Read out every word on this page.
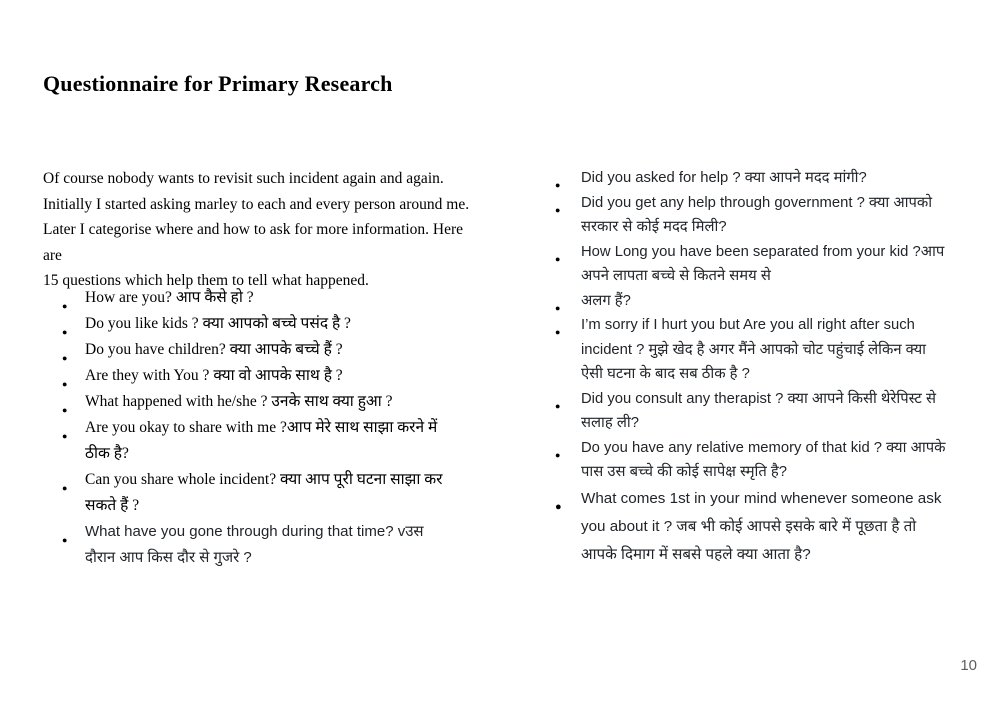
Questionnaire for Primary Research
Of course nobody wants to revisit such incident again and again.
Initially I started asking marley to each and every person around me.
Later I categorise where and how to ask for more information. Here are
15 questions which help them to tell what happened.
● How are you? आप कैसे हो ?
● Do you like kids ? क्या आपको बच्चे पसंद है ?
● Do you have children? क्या आपके बच्चे हैं ?
● Are they with You ? क्या वो आपके साथ है ?
● What happened with he/she ? उनके साथ क्या हुआ ?
● Are you okay to share with me ?आप मेरे साथ साझा करने में ठीक है?
● Can you share whole incident? क्या आप पूरी घटना साझा कर सकते हैं ?
● What have you gone through during that time? vउस दौरान आप किस दौर से गुजरे ?
● Did you asked for help ? क्या आपने मदद मांगी?
● Did you get any help through government ? क्या आपको सरकार से कोई मदद मिली?
● How Long you have been separated from your kid ?आप अपने लापता बच्चे से कितने समय से
● अलग हैं?
● I’m sorry if I hurt you but Are you all right after such incident ? मुझे खेद है अगर मैंने आपको चोट पहुंचाई लेकिन क्या ऐसी घटना के बाद सब ठीक है ?
● Did you consult any therapist ? क्या आपने किसी थेरेपिस्ट से सलाह ली?
● Do you have any relative memory of that kid ? क्या आपके पास उस बच्चे की कोई सापेक्ष स्मृति है?
● What comes 1st in your mind whenever someone ask you about it ? जब भी कोई आपसे इसके बारे में पूछता है तो आपके दिमाग में सबसे पहले क्या आता है?
10
